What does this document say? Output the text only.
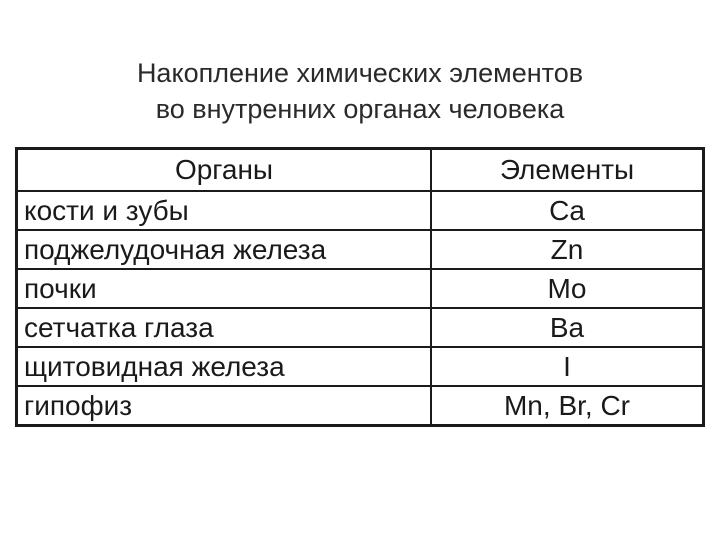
Накопление химических элементов
во внутренних органах человека
Органы	Элементы
кости и зубы	Ca
поджелудочная железа	Zn
почки	Mo
сетчатка глаза	Ba
щитовидная железа	I
гипофиз	Mn, Br, Cr
